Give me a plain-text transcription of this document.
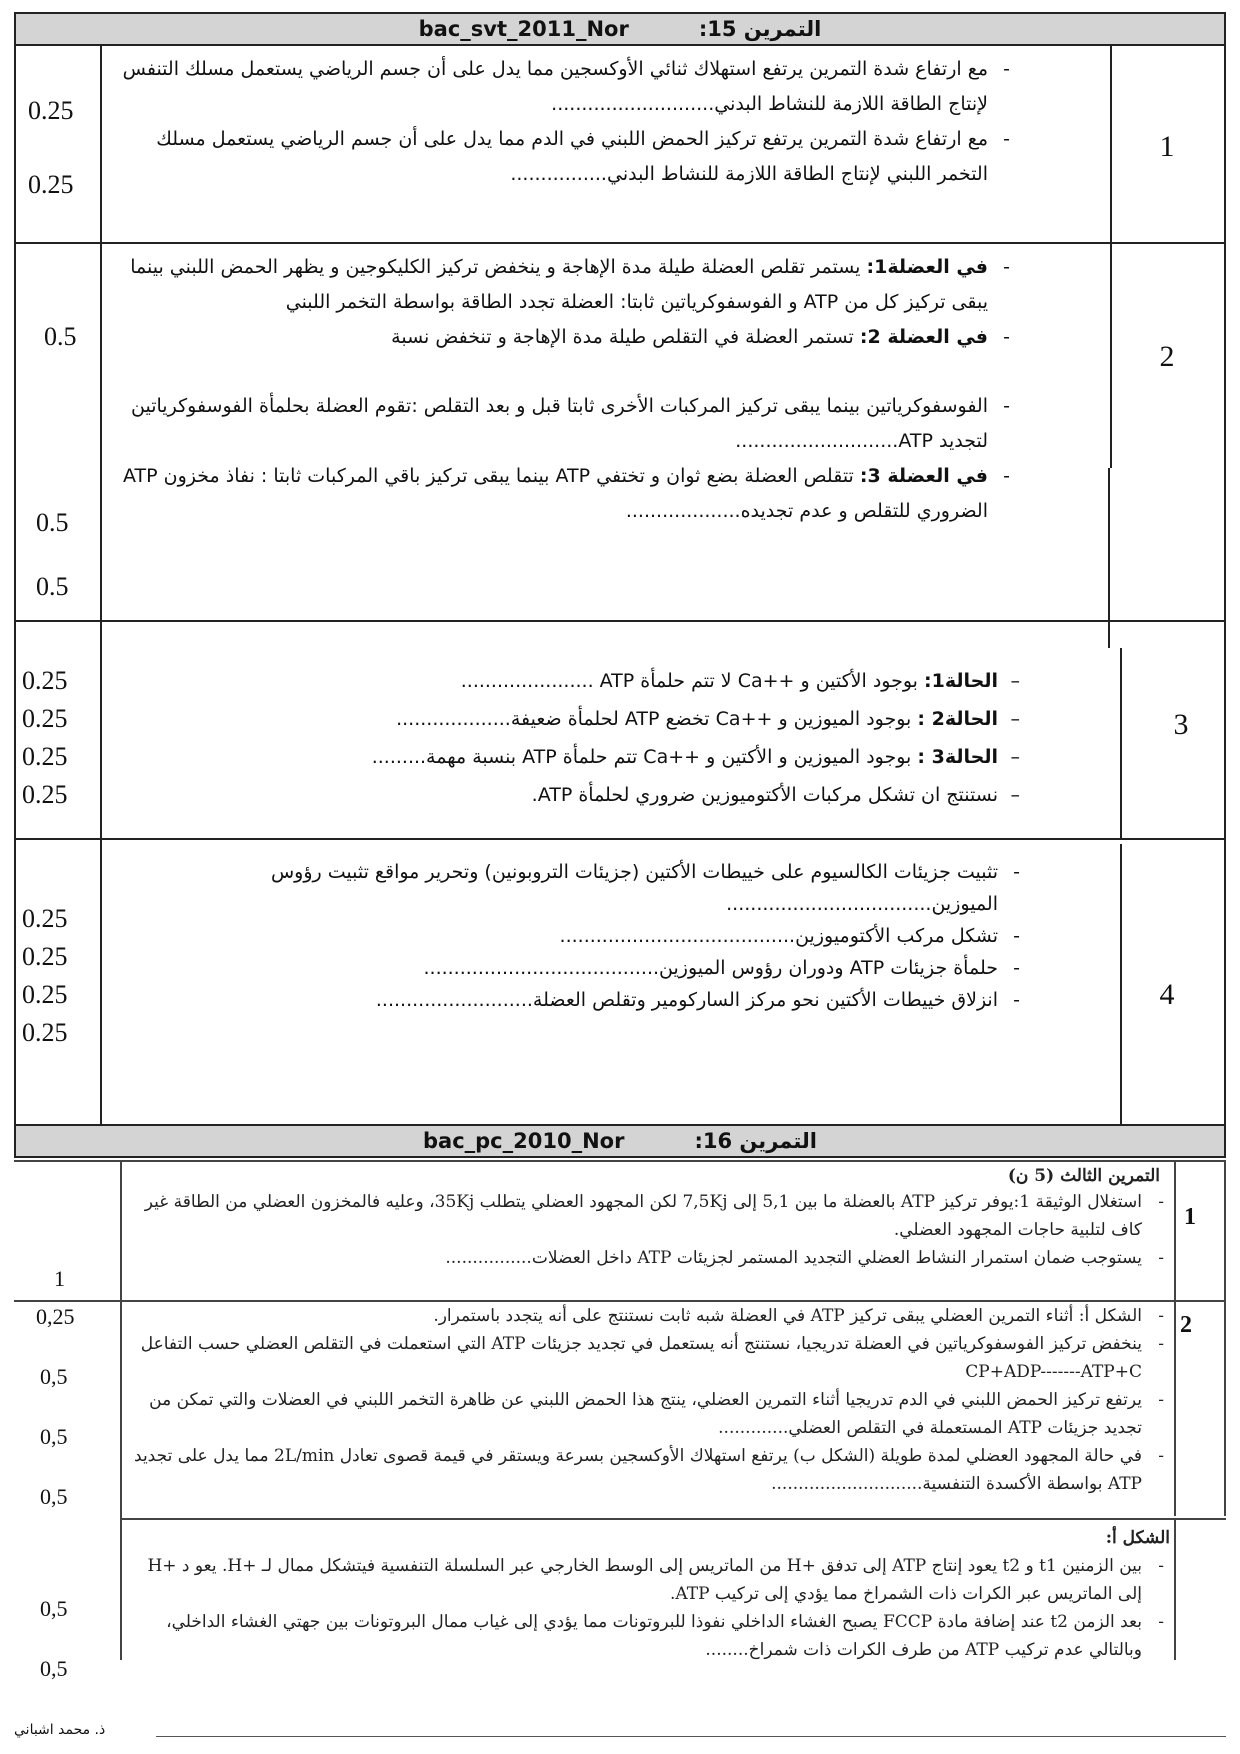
bac_svt_2011_Nor	التمرين 15:
1
0.25
0.25
- مع ارتفاع شدة التمرين يرتفع استهلاك ثنائي الأوكسجين مما يدل على أن جسم الرياضي يستعمل مسلك التنفس لإنتاج الطاقة اللازمة للنشاط البدني...........................
- مع ارتفاع شدة التمرين يرتفع تركيز الحمض اللبني في الدم مما يدل على أن جسم الرياضي يستعمل مسلك التخمر اللبني لإنتاج الطاقة اللازمة للنشاط البدني................
2
0.5
0.5
0.5
- في العضلة1: يستمر تقلص العضلة طيلة مدة الإهاجة و ينخفض تركيز الكليكوجين و يظهر الحمض اللبني بينما يبقى تركيز كل من ATP و الفوسفوكرياتين ثابتا: العضلة تجدد الطاقة بواسطة التخمر اللبني
- في العضلة 2: تستمر العضلة في التقلص طيلة مدة الإهاجة و تنخفض نسبة
- الفوسفوكرياتين بينما يبقى تركيز المركبات الأخرى ثابتا قبل و بعد التقلص :تقوم العضلة بحلمأة الفوسفوكرياتين لتجديد ATP...........................
- في العضلة 3: تتقلص العضلة بضع ثوان و تختفي ATP بينما يبقى تركيز باقي المركبات ثابتا : نفاذ مخزون ATP الضروري للتقلص و عدم تجديده...................
3
0.25
0.25
0.25
0.25
– الحالة1: بوجود الأكتين و ++Ca لا تتم حلمأة ATP ......................
– الحالة2 : بوجود الميوزين و ++Ca تخضع ATP لحلمأة ضعيفة...................
– الحالة3 : بوجود الميوزين و الأكتين و ++Ca تتم حلمأة ATP بنسبة مهمة.........
– نستنتج ان تشكل مركبات الأكتوميوزين ضروري لحلمأة ATP.
4
0.25
0.25
0.25
0.25
- تثبيت جزيئات الكالسيوم على خييطات الأكتين (جزيئات التروبونين) وتحرير مواقع تثبيت رؤوس الميوزين..................................
- تشكل مركب الأكتوميوزين.......................................
- حلمأة جزيئات ATP ودوران رؤوس الميوزين.......................................
- انزلاق خييطات الأكتين نحو مركز الساركومير وتقلص العضلة..........................
bac_pc_2010_Nor	التمرين 16:
التمرين الثالث (5 ن)
1
1
- استغلال الوثيقة 1:يوفر تركيز ATP بالعضلة ما بين 5,1 إلى 7,5Kj لكن المجهود العضلي يتطلب 35Kj، وعليه فالمخزون العضلي من الطاقة غير كاف لتلبية حاجات المجهود العضلي.
- يستوجب ضمان استمرار النشاط العضلي التجديد المستمر لجزيئات ATP داخل العضلات................
2
0,25
0,5
0,5
0,5
- الشكل أ: أثناء التمرين العضلي يبقى تركيز ATP في العضلة شبه ثابت نستنتج على أنه يتجدد باستمرار.
- ينخفض تركيز الفوسفوكرياتين في العضلة تدريجيا، نستنتج أنه يستعمل في تجديد جزيئات ATP التي استعملت في التقلص العضلي حسب التفاعل CP+ADP-------ATP+C
- يرتفع تركيز الحمض اللبني في الدم تدريجيا أثناء التمرين العضلي، ينتج هذا الحمض اللبني عن ظاهرة التخمر اللبني في العضلات والتي تمكن من تجديد جزيئات ATP المستعملة في التقلص العضلي.............
- في حالة المجهود العضلي لمدة طويلة (الشكل ب) يرتفع استهلاك الأوكسجين بسرعة ويستقر في قيمة قصوى تعادل 2L/min مما يدل على تجديد ATP بواسطة الأكسدة التنفسية............................
الشكل أ:
0,5
0,5
- بين الزمنين t1 و t2 يعود إنتاج ATP إلى تدفق +H من الماتريس إلى الوسط الخارجي عبر السلسلة التنفسية فيتشكل ممال لـ +H. يعو د +H إلى الماتريس عبر الكرات ذات الشمراخ مما يؤدي إلى تركيب ATP.
- بعد الزمن t2 عند إضافة مادة FCCP يصبح الغشاء الداخلي نفوذا للبروتونات مما يؤدي إلى غياب ممال البروتونات بين جهتي الغشاء الداخلي، وبالتالي عدم تركيب ATP من طرف الكرات ذات شمراخ........
ذ. محمد اشباني
